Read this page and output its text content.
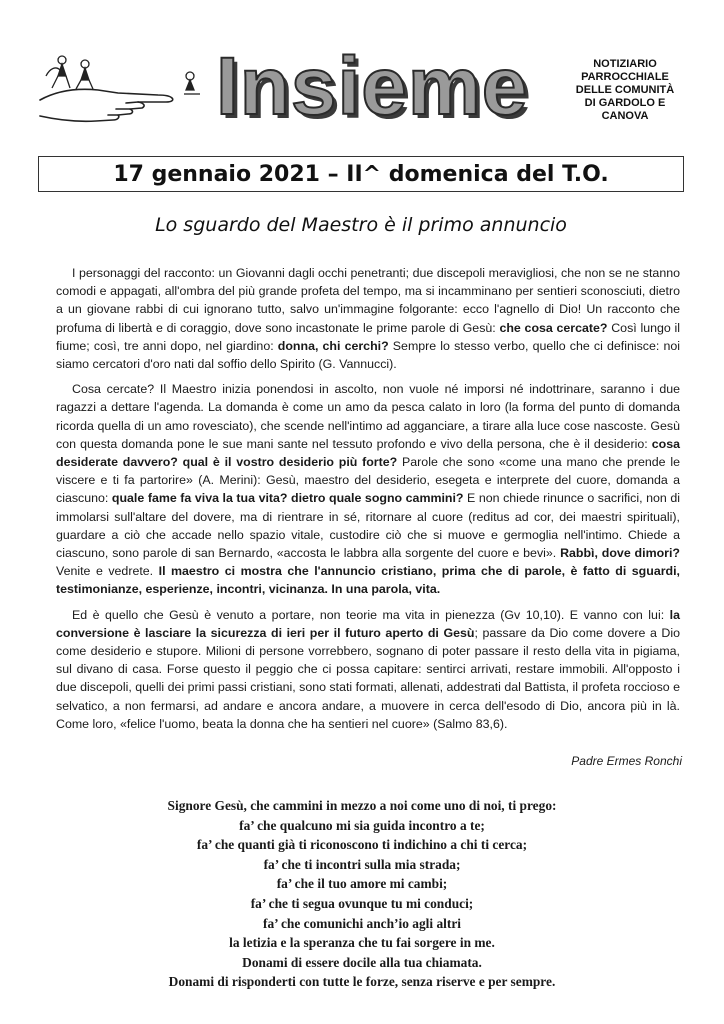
Insieme	NOTIZIARIO
PARROCCHIALE
DELLE COMUNITÀ
DI GARDOLO E
CANOVA
17 gennaio 2021 – II^ domenica del T.O.
Lo sguardo del Maestro è il primo annuncio

I personaggi del racconto: un Giovanni dagli occhi penetranti; due discepoli meravigliosi, che non se ne stanno comodi e appagati, all'ombra del più grande profeta del tempo, ma si incamminano per sentieri sconosciuti, dietro a un giovane rabbi di cui ignorano tutto, salvo un'immagine folgorante: ecco l'agnello di Dio! Un racconto che profuma di libertà e di coraggio, dove sono incastonate le prime parole di Gesù: che cosa cercate? Così lungo il fiume; così, tre anni dopo, nel giardino: donna, chi cerchi? Sempre lo stesso verbo, quello che ci definisce: noi siamo cercatori d'oro nati dal soffio dello Spirito (G. Vannucci).

Cosa cercate? Il Maestro inizia ponendosi in ascolto, non vuole né imporsi né indottrinare, saranno i due ragazzi a dettare l'agenda. La domanda è come un amo da pesca calato in loro (la forma del punto di domanda ricorda quella di un amo rovesciato), che scende nell'intimo ad agganciare, a tirare alla luce cose nascoste. Gesù con questa domanda pone le sue mani sante nel tessuto profondo e vivo della persona, che è il desiderio: cosa desiderate davvero? qual è il vostro desiderio più forte? Parole che sono «come una mano che prende le viscere e ti fa partorire» (A. Merini): Gesù, maestro del desiderio, esegeta e interprete del cuore, domanda a ciascuno: quale fame fa viva la tua vita? dietro quale sogno cammini? E non chiede rinunce o sacrifici, non di immolarsi sull'altare del dovere, ma di rientrare in sé, ritornare al cuore (reditus ad cor, dei maestri spirituali), guardare a ciò che accade nello spazio vitale, custodire ciò che si muove e germoglia nell'intimo. Chiede a ciascuno, sono parole di san Bernardo, «accosta le labbra alla sorgente del cuore e bevi». Rabbì, dove dimori? Venite e vedrete. Il maestro ci mostra che l'annuncio cristiano, prima che di parole, è fatto di sguardi, testimonianze, esperienze, incontri, vicinanza. In una parola, vita.

Ed è quello che Gesù è venuto a portare, non teorie ma vita in pienezza (Gv 10,10). E vanno con lui: la conversione è lasciare la sicurezza di ieri per il futuro aperto di Gesù; passare da Dio come dovere a Dio come desiderio e stupore. Milioni di persone vorrebbero, sognano di poter passare il resto della vita in pigiama, sul divano di casa. Forse questo il peggio che ci possa capitare: sentirci arrivati, restare immobili. All'opposto i due discepoli, quelli dei primi passi cristiani, sono stati formati, allenati, addestrati dal Battista, il profeta roccioso e selvatico, a non fermarsi, ad andare e ancora andare, a muovere in cerca dell'esodo di Dio, ancora più in là. Come loro, «felice l'uomo, beata la donna che ha sentieri nel cuore» (Salmo 83,6).

Padre Ermes Ronchi
Signore Gesù, che cammini in mezzo a noi come uno di noi, ti prego:
fa’ che qualcuno mi sia guida incontro a te;
fa’ che quanti già ti riconoscono ti indichino a chi ti cerca;
fa’ che ti incontri sulla mia strada;
fa’ che il tuo amore mi cambi;
fa’ che ti segua ovunque tu mi conduci;
fa’ che comunichi anch’io agli altri
la letizia e la speranza che tu fai sorgere in me.
Donami di essere docile alla tua chiamata.
Donami di risponderti con tutte le forze, senza riserve e per sempre.
